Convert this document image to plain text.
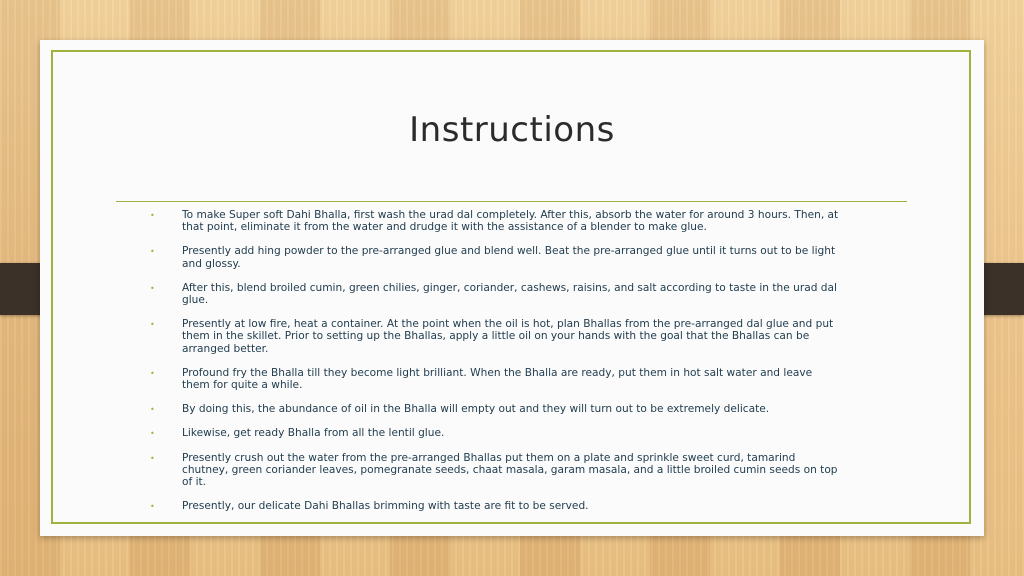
Instructions
•	To make Super soft Dahi Bhalla, first wash the urad dal completely. After this, absorb the water for around 3 hours. Then, at that point, eliminate it from the water and drudge it with the assistance of a blender to make glue.
•	Presently add hing powder to the pre-arranged glue and blend well. Beat the pre-arranged glue until it turns out to be light and glossy.
•	After this, blend broiled cumin, green chilies, ginger, coriander, cashews, raisins, and salt according to taste in the urad dal glue.
•	Presently at low fire, heat a container. At the point when the oil is hot, plan Bhallas from the pre-arranged dal glue and put them in the skillet. Prior to setting up the Bhallas, apply a little oil on your hands with the goal that the Bhallas can be arranged better.
•	Profound fry the Bhalla till they become light brilliant. When the Bhalla are ready, put them in hot salt water and leave them for quite a while.
•	By doing this, the abundance of oil in the Bhalla will empty out and they will turn out to be extremely delicate.
•	Likewise, get ready Bhalla from all the lentil glue.
•	Presently crush out the water from the pre-arranged Bhallas put them on a plate and sprinkle sweet curd, tamarind chutney, green coriander leaves, pomegranate seeds, chaat masala, garam masala, and a little broiled cumin seeds on top of it.
•	Presently, our delicate Dahi Bhallas brimming with taste are fit to be served.
